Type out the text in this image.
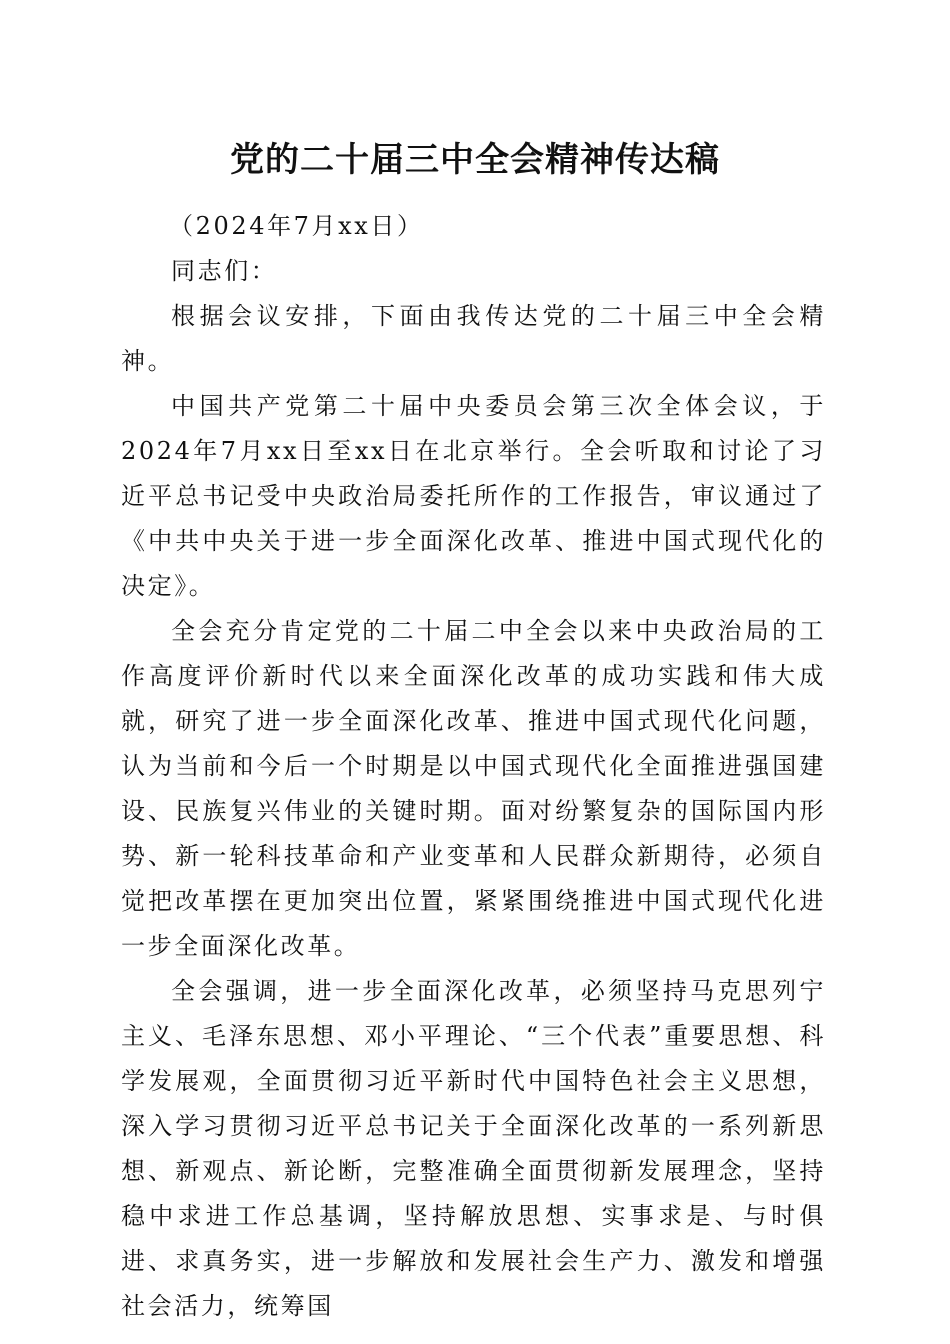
党的二十届三中全会精神传达稿

（2024年7月xx日）

同志们：

根据会议安排，下面由我传达党的二十届三中全会精神。

中国共产党第二十届中央委员会第三次全体会议，于2024年7月xx日至xx日在北京举行。全会听取和讨论了习近平总书记受中央政治局委托所作的工作报告，审议通过了《中共中央关于进一步全面深化改革、推进中国式现代化的决定》。

全会充分肯定党的二十届二中全会以来中央政治局的工作高度评价新时代以来全面深化改革的成功实践和伟大成就，研究了进一步全面深化改革、推进中国式现代化问题，认为当前和今后一个时期是以中国式现代化全面推进强国建设、民族复兴伟业的关键时期。面对纷繁复杂的国际国内形势、新一轮科技革命和产业变革和人民群众新期待，必须自觉把改革摆在更加突出位置，紧紧围绕推进中国式现代化进一步全面深化改革。

全会强调，进一步全面深化改革，必须坚持马克思列宁主义、毛泽东思想、邓小平理论、“三个代表”重要思想、科学发展观，全面贯彻习近平新时代中国特色社会主义思想，深入学习贯彻习近平总书记关于全面深化改革的一系列新思想、新观点、新论断，完整准确全面贯彻新发展理念，坚持稳中求进工作总基调，坚持解放思想、实事求是、与时俱进、求真务实，进一步解放和发展社会生产力、激发和增强社会活力，统筹国
